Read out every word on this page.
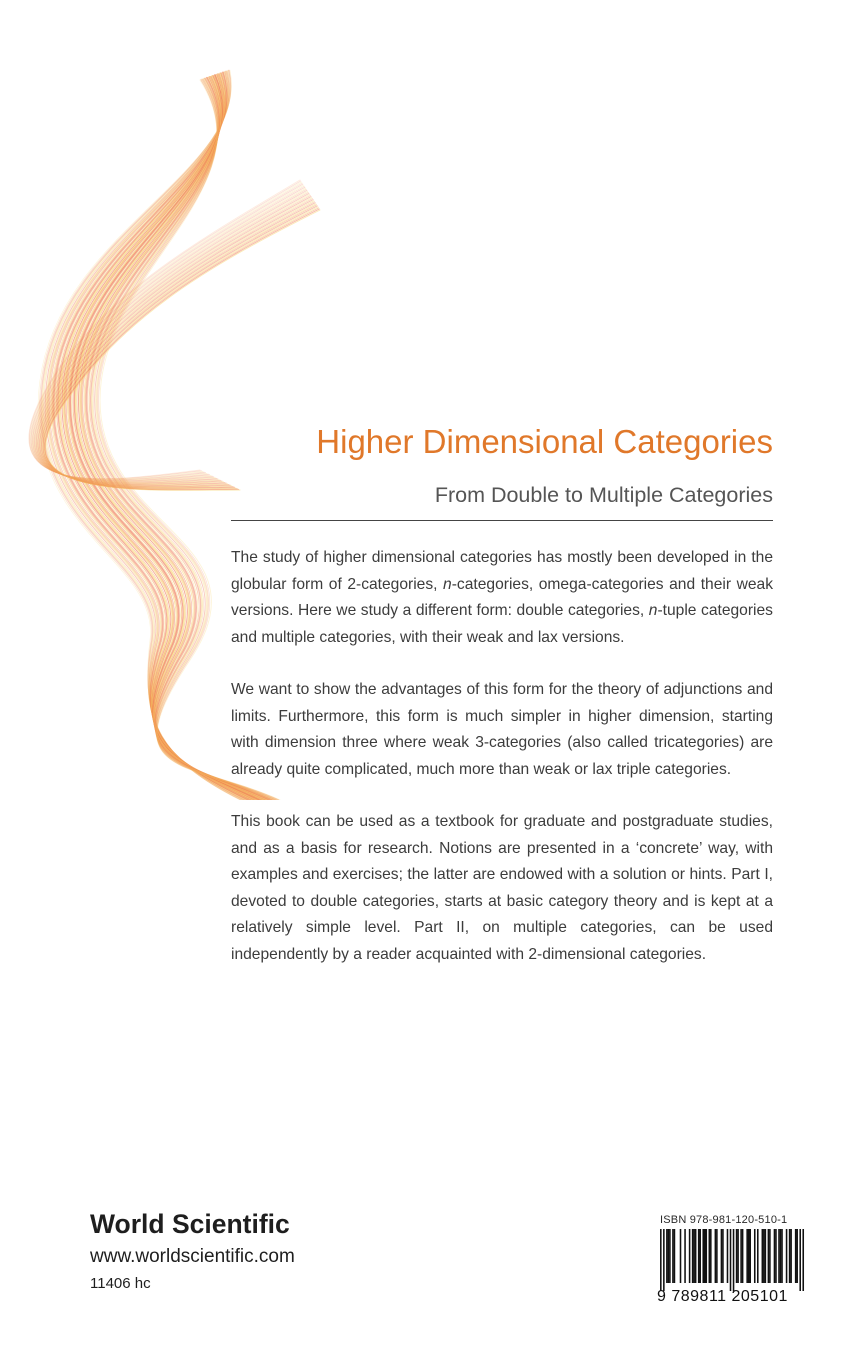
Higher Dimensional Categories
From Double to Multiple Categories

The study of higher dimensional categories has mostly been developed in the globular form of 2-categories, n-categories, omega-categories and their weak versions. Here we study a different form: double categories, n-tuple categories and multiple categories, with their weak and lax versions.

We want to show the advantages of this form for the theory of adjunctions and limits. Furthermore, this form is much simpler in higher dimension, starting with dimension three where weak 3-categories (also called tricategories) are already quite complicated, much more than weak or lax triple categories.

This book can be used as a textbook for graduate and postgraduate studies, and as a basis for research. Notions are presented in a ‘concrete’ way, with examples and exercises; the latter are endowed with a solution or hints. Part I, devoted to double categories, starts at basic category theory and is kept at a relatively simple level. Part II, on multiple categories, can be used independently by a reader acquainted with 2-dimensional categories.

World Scientific
www.worldscientific.com
11406 hc
ISBN 978-981-120-510-1
9 789811 205101
